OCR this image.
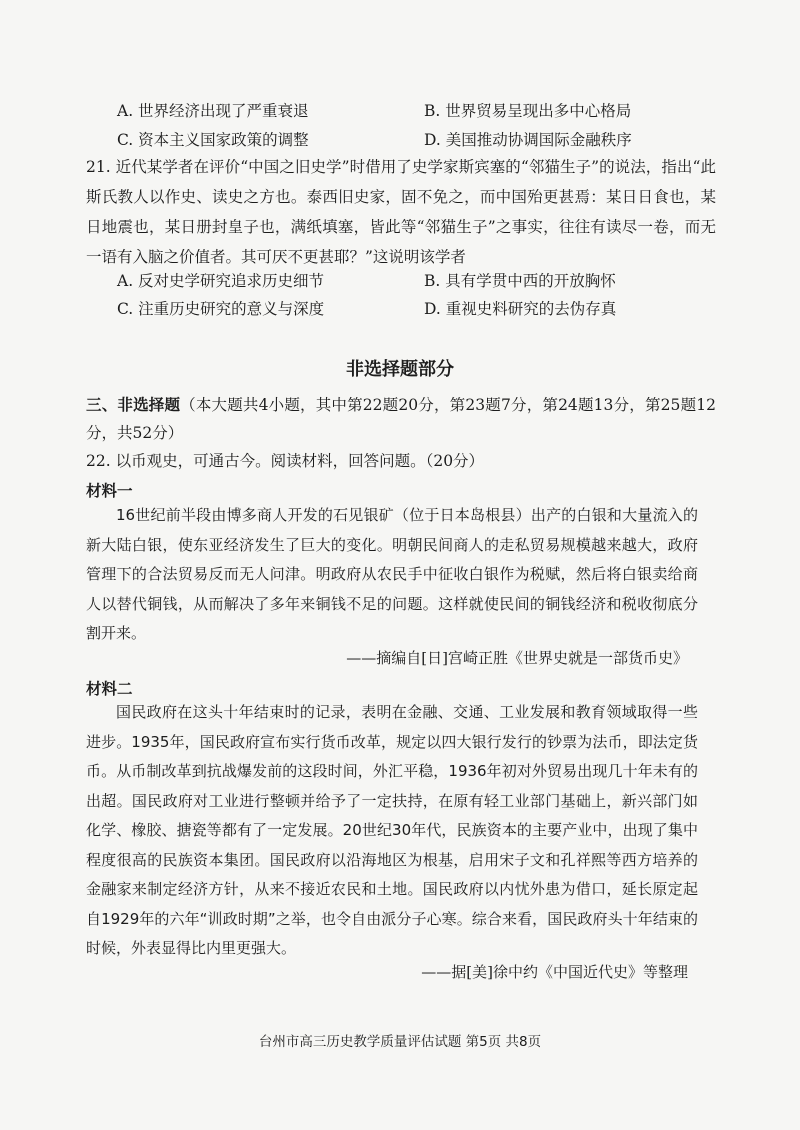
A. 世界经济出现了严重衰退	B. 世界贸易呈现出多中心格局
C. 资本主义国家政策的调整	D. 美国推动协调国际金融秩序
21. 近代某学者在评价“中国之旧史学”时借用了史学家斯宾塞的“邻猫生子”的说法，指出“此斯氏教人以作史、读史之方也。泰西旧史家，固不免之，而中国殆更甚焉：某日日食也，某日地震也，某日册封皇子也，满纸填塞，皆此等“邻猫生子”之事实，往往有读尽一卷，而无一语有入脑之价值者。其可厌不更甚耶？”这说明该学者
A. 反对史学研究追求历史细节	B. 具有学贯中西的开放胸怀
C. 注重历史研究的意义与深度	D. 重视史料研究的去伪存真
非选择题部分
三、非选择题（本大题共4小题，其中第22题20分，第23题7分，第24题13分，第25题12分，共52分）
22. 以币观史，可通古今。阅读材料，回答问题。（20分）
材料一
16世纪前半段由博多商人开发的石见银矿（位于日本岛根县）出产的白银和大量流入的新大陆白银，使东亚经济发生了巨大的变化。明朝民间商人的走私贸易规模越来越大，政府管理下的合法贸易反而无人问津。明政府从农民手中征收白银作为税赋，然后将白银卖给商人以替代铜钱，从而解决了多年来铜钱不足的问题。这样就使民间的铜钱经济和税收彻底分割开来。
——摘编自[日]宫崎正胜《世界史就是一部货币史》
材料二
国民政府在这头十年结束时的记录，表明在金融、交通、工业发展和教育领域取得一些进步。1935年，国民政府宣布实行货币改革，规定以四大银行发行的钞票为法币，即法定货币。从币制改革到抗战爆发前的这段时间，外汇平稳，1936年初对外贸易出现几十年未有的出超。国民政府对工业进行整顿并给予了一定扶持，在原有轻工业部门基础上，新兴部门如化学、橡胶、搪瓷等都有了一定发展。20世纪30年代，民族资本的主要产业中，出现了集中程度很高的民族资本集团。国民政府以沿海地区为根基，启用宋子文和孔祥熙等西方培养的金融家来制定经济方针，从来不接近农民和土地。国民政府以内忧外患为借口，延长原定起自1929年的六年“训政时期”之举，也令自由派分子心寒。综合来看，国民政府头十年结束的时候，外表显得比内里更强大。
——据[美]徐中约《中国近代史》等整理
台州市高三历史教学质量评估试题 第5页 共8页
